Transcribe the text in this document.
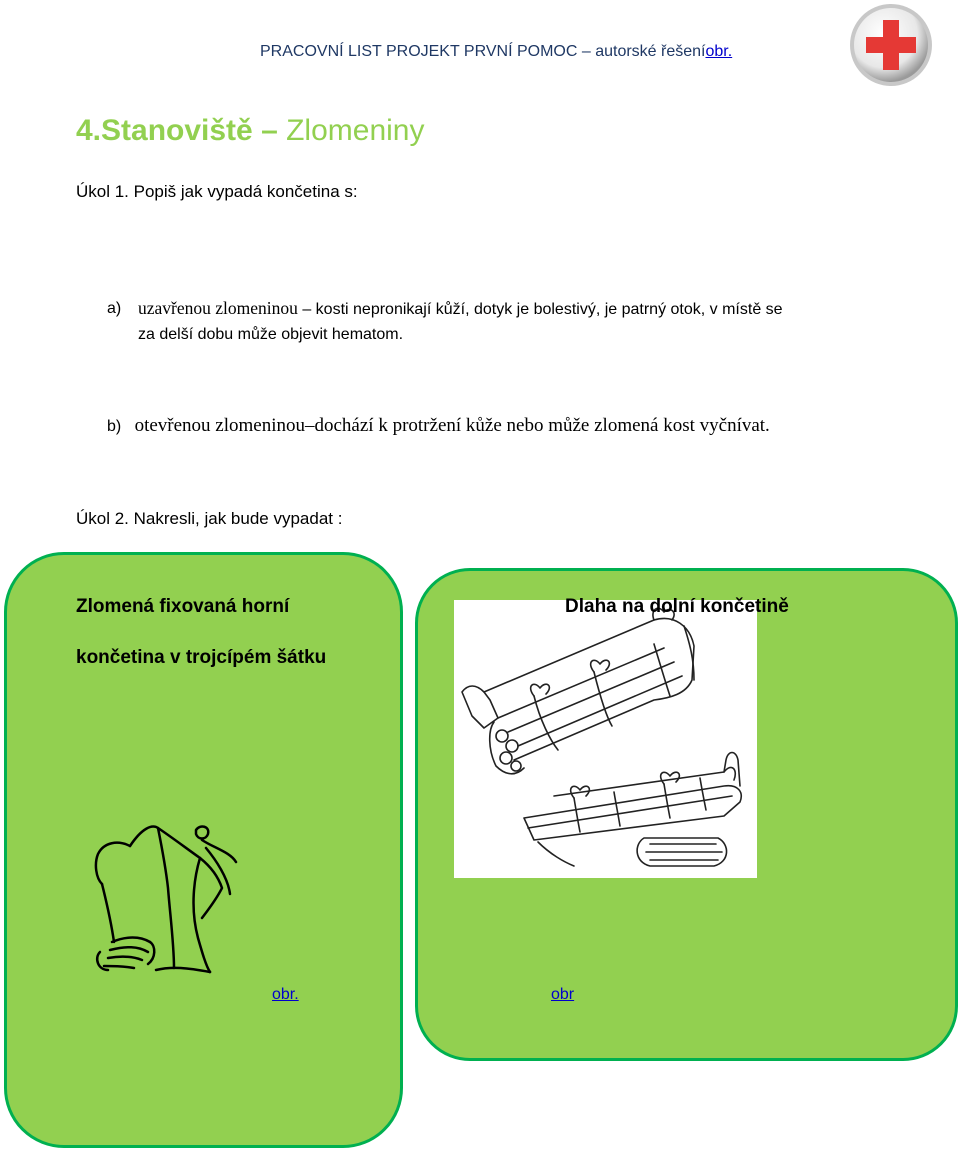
PRACOVNÍ LIST PROJEKT PRVNÍ POMOC – autorské řešeníobr.
4.Stanoviště – Zlomeniny
Úkol 1. Popiš jak vypadá končetina s:
a) uzavřenou zlomeninou – kosti nepronikají kůží, dotyk je bolestivý, je patrný otok, v místě se
za delší dobu může objevit hematom.
b) otevřenou zlomeninou–dochází k protržení kůže nebo může zlomená kost vyčnívat.
Úkol 2. Nakresli, jak bude vypadat :
Zlomená fixovaná horní
končetina v trojcípém šátku
Dlaha na dolní končetině
obr.	obr
